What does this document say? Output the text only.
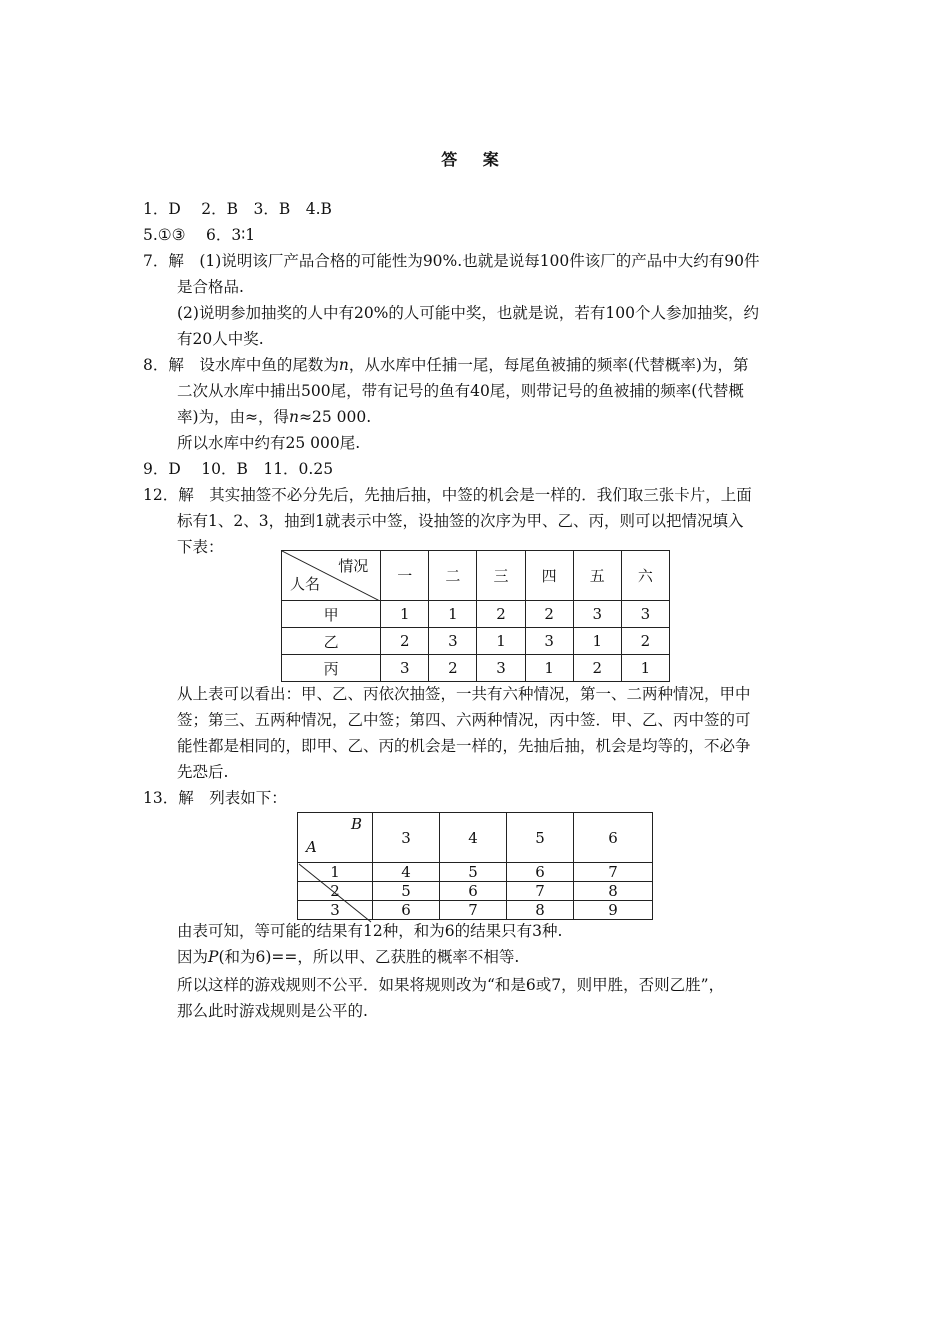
答 案
1．D　 2．B　3．B　4.B
5.①③　 6．3∶1
7．解　(1)说明该厂产品合格的可能性为90%.也就是说每100件该厂的产品中大约有90件
是合格品.
(2)说明参加抽奖的人中有20%的人可能中奖，也就是说，若有100个人参加抽奖，约
有20人中奖.
8．解　设水库中鱼的尾数为n，从水库中任捕一尾，每尾鱼被捕的频率(代替概率)为，第
二次从水库中捕出500尾，带有记号的鱼有40尾，则带记号的鱼被捕的频率(代替概
率)为，由≈，得n≈25 000.
所以水库中约有25 000尾.
9．D　 10．B　11．0.25
12．解　其实抽签不必分先后，先抽后抽，中签的机会是一样的．我们取三张卡片，上面
标有1、2、3，抽到1就表示中签，设抽签的次序为甲、乙、丙，则可以把情况填入
下表：
情况
人名	一	二	三	四	五	六
甲	1	1	2	2	3	3
乙	2	3	1	3	1	2
丙	3	2	3	1	2	1
从上表可以看出：甲、乙、丙依次抽签，一共有六种情况，第一、二两种情况，甲中
签；第三、五两种情况，乙中签；第四、六两种情况，丙中签．甲、乙、丙中签的可
能性都是相同的，即甲、乙、丙的机会是一样的，先抽后抽，机会是均等的，不必争
先恐后.
13．解　列表如下：
B
A	3	4	5	6
1	4	5	6	7
2	5	6	7	8
3	6	7	8	9
由表可知，等可能的结果有12种，和为6的结果只有3种.
因为P(和为6)==，所以甲、乙获胜的概率不相等.
所以这样的游戏规则不公平．如果将规则改为“和是6或7，则甲胜，否则乙胜”，
那么此时游戏规则是公平的.
